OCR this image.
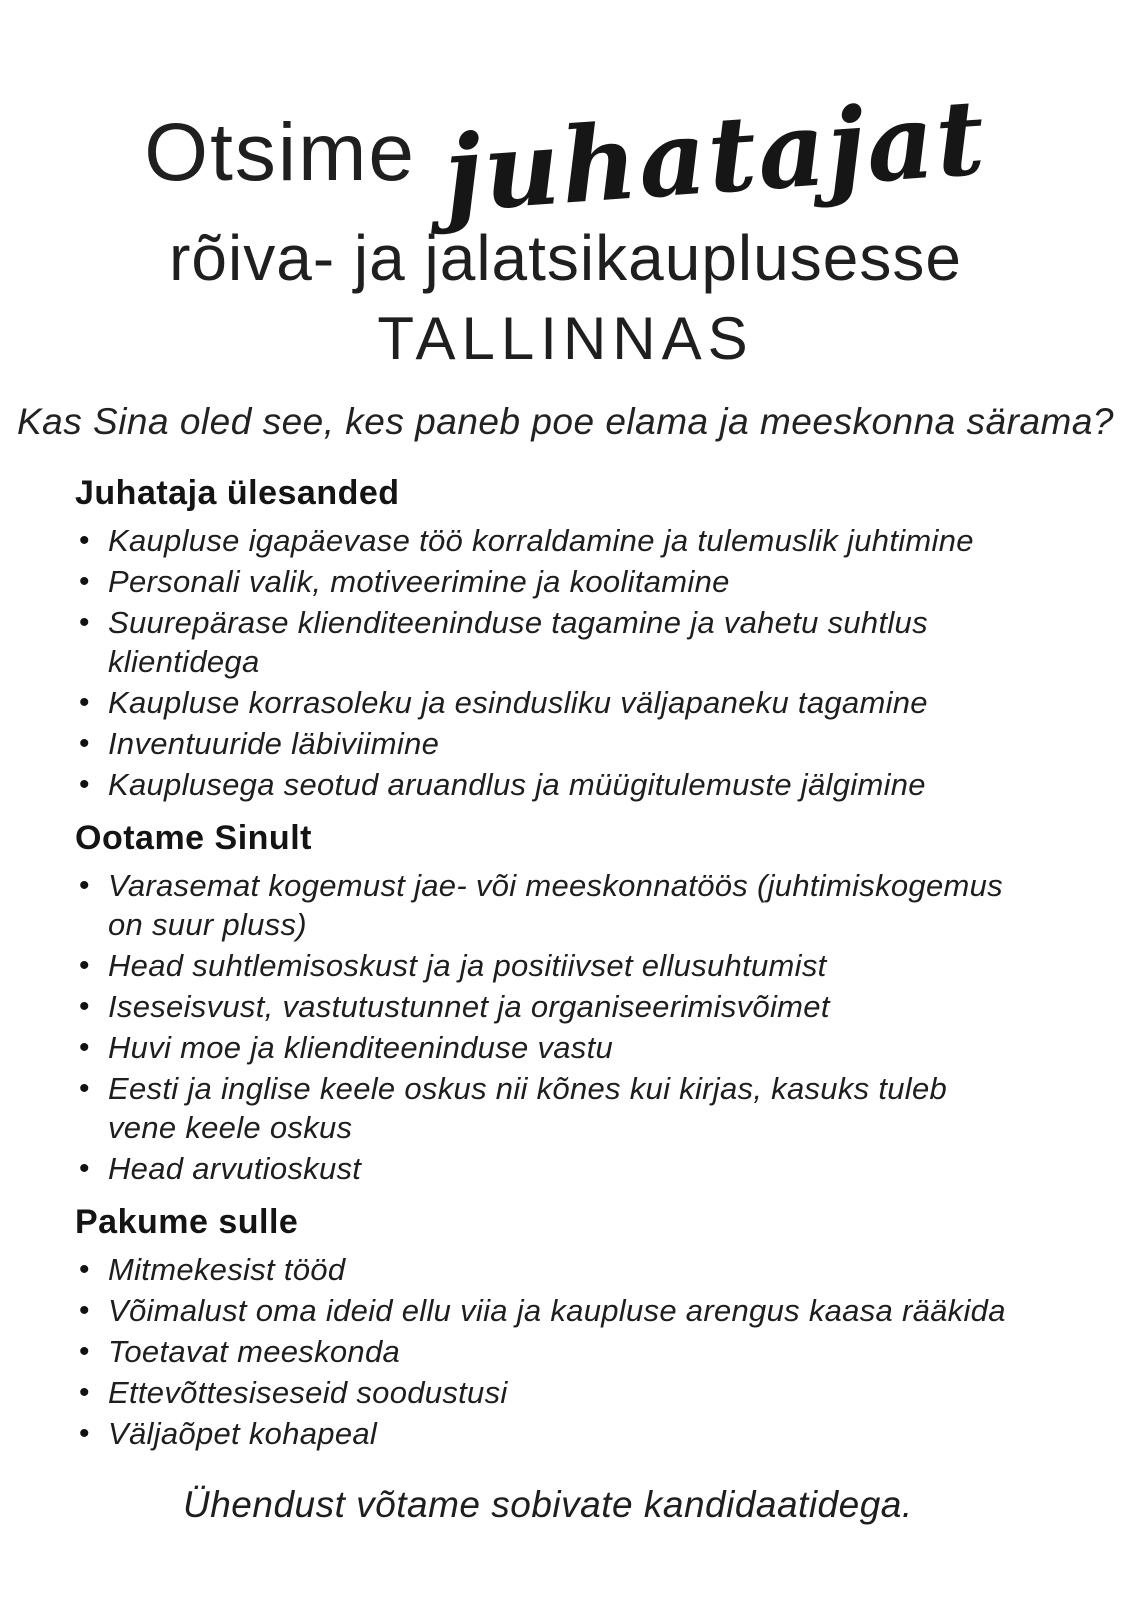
Otsime juhatajat
rõiva- ja jalatsikauplusesse
TALLINNAS
Kas Sina oled see, kes paneb poe elama ja meeskonna särama?
Juhataja ülesanded
• Kaupluse igapäevase töö korraldamine ja tulemuslik juhtimine
• Personali valik, motiveerimine ja koolitamine
• Suurepärase klienditeeninduse tagamine ja vahetu suhtlus klientidega
• Kaupluse korrasoleku ja esindusliku väljapaneku tagamine
• Inventuuride läbiviimine
• Kauplusega seotud aruandlus ja müügitulemuste jälgimine
Ootame Sinult
• Varasemat kogemust jae- või meeskonnatöös (juhtimiskogemus on suur pluss)
• Head suhtlemisoskust ja ja positiivset ellusuhtumist
• Iseseisvust, vastutustunnet ja organiseerimisvõimet
• Huvi moe ja klienditeeninduse vastu
• Eesti ja inglise keele oskus nii kõnes kui kirjas, kasuks tuleb vene keele oskus
• Head arvutioskust
Pakume sulle
• Mitmekesist tööd
• Võimalust oma ideid ellu viia ja kaupluse arengus kaasa rääkida
• Toetavat meeskonda
• Ettevõttesiseseid soodustusi
• Väljaõpet kohapeal
Ühendust võtame sobivate kandidaatidega.
